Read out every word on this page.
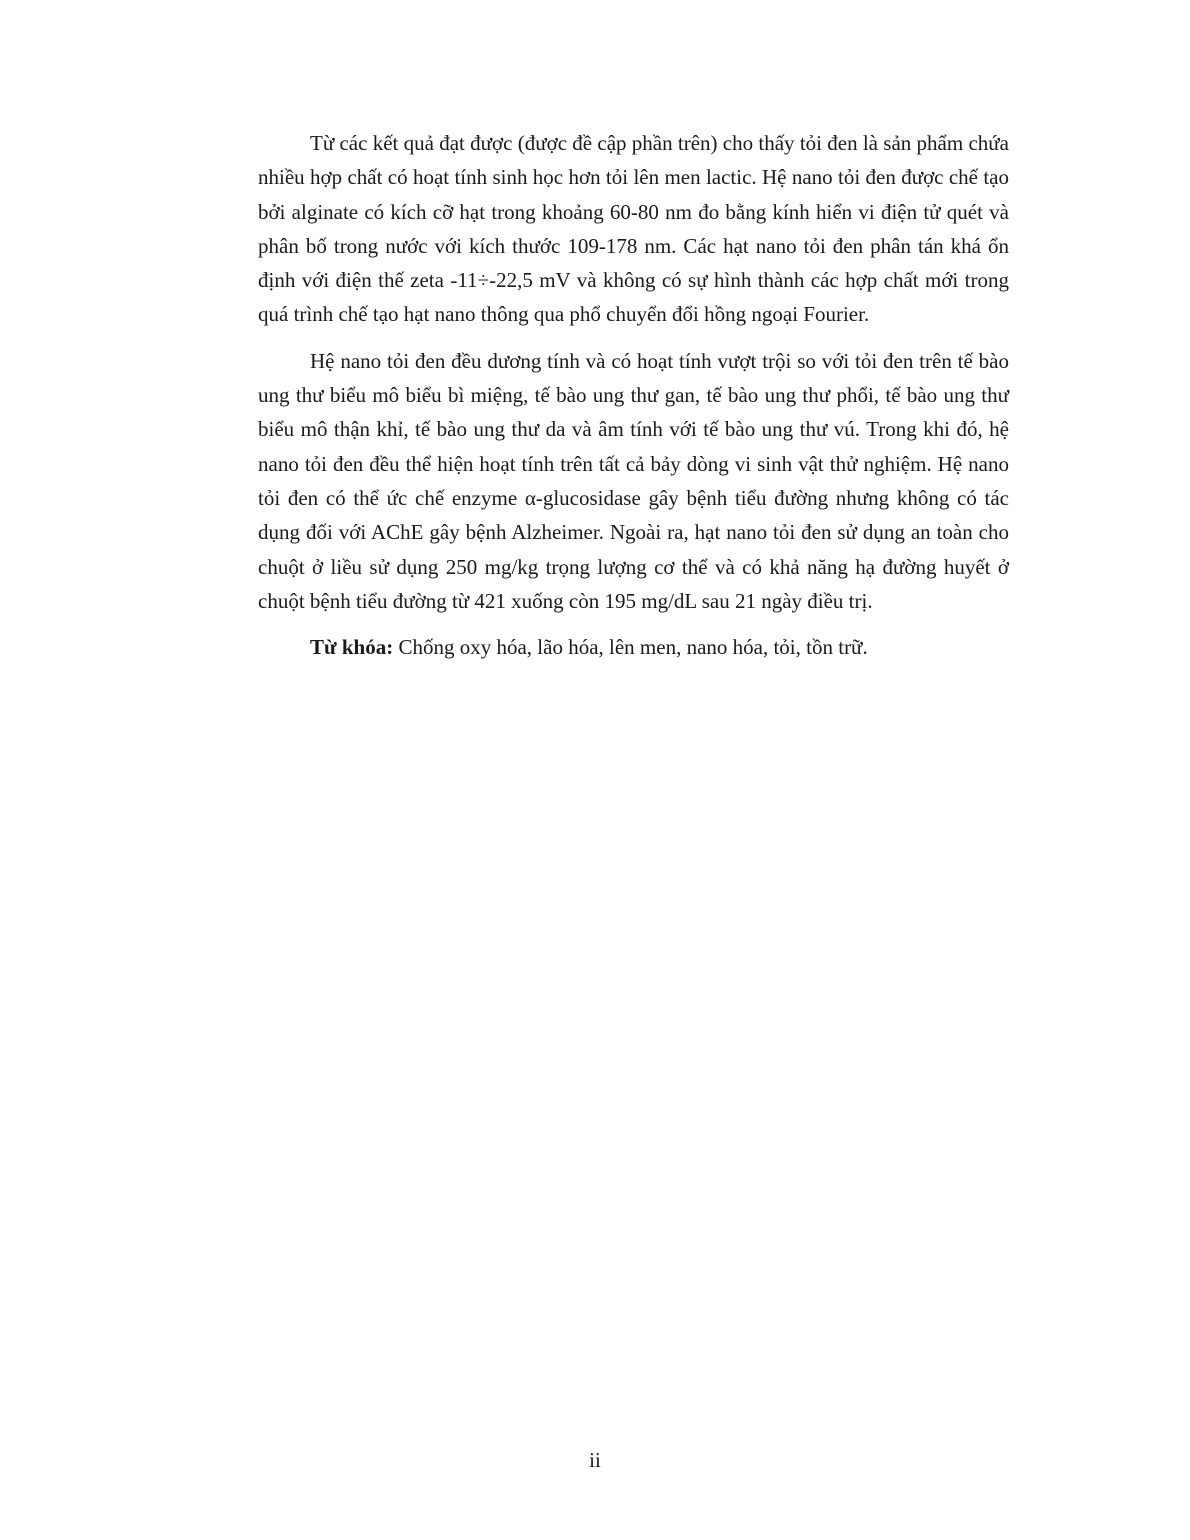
Từ các kết quả đạt được (được đề cập phần trên) cho thấy tỏi đen là sản phẩm chứa nhiều hợp chất có hoạt tính sinh học hơn tỏi lên men lactic. Hệ nano tỏi đen được chế tạo bởi alginate có kích cỡ hạt trong khoảng 60-80 nm đo bằng kính hiển vi điện tử quét và phân bố trong nước với kích thước 109-178 nm. Các hạt nano tỏi đen phân tán khá ổn định với điện thế zeta -11÷-22,5 mV và không có sự hình thành các hợp chất mới trong quá trình chế tạo hạt nano thông qua phổ chuyển đổi hồng ngoại Fourier.

Hệ nano tỏi đen đều dương tính và có hoạt tính vượt trội so với tỏi đen trên tế bào ung thư biểu mô biểu bì miệng, tế bào ung thư gan, tế bào ung thư phổi, tế bào ung thư biểu mô thận khỉ, tế bào ung thư da và âm tính với tế bào ung thư vú. Trong khi đó, hệ nano tỏi đen đều thể hiện hoạt tính trên tất cả bảy dòng vi sinh vật thử nghiệm. Hệ nano tỏi đen có thể ức chế enzyme α-glucosidase gây bệnh tiểu đường nhưng không có tác dụng đối với AChE gây bệnh Alzheimer. Ngoài ra, hạt nano tỏi đen sử dụng an toàn cho chuột ở liều sử dụng 250 mg/kg trọng lượng cơ thể và có khả năng hạ đường huyết ở chuột bệnh tiểu đường từ 421 xuống còn 195 mg/dL sau 21 ngày điều trị.

Từ khóa: Chống oxy hóa, lão hóa, lên men, nano hóa, tỏi, tồn trữ.

ii
